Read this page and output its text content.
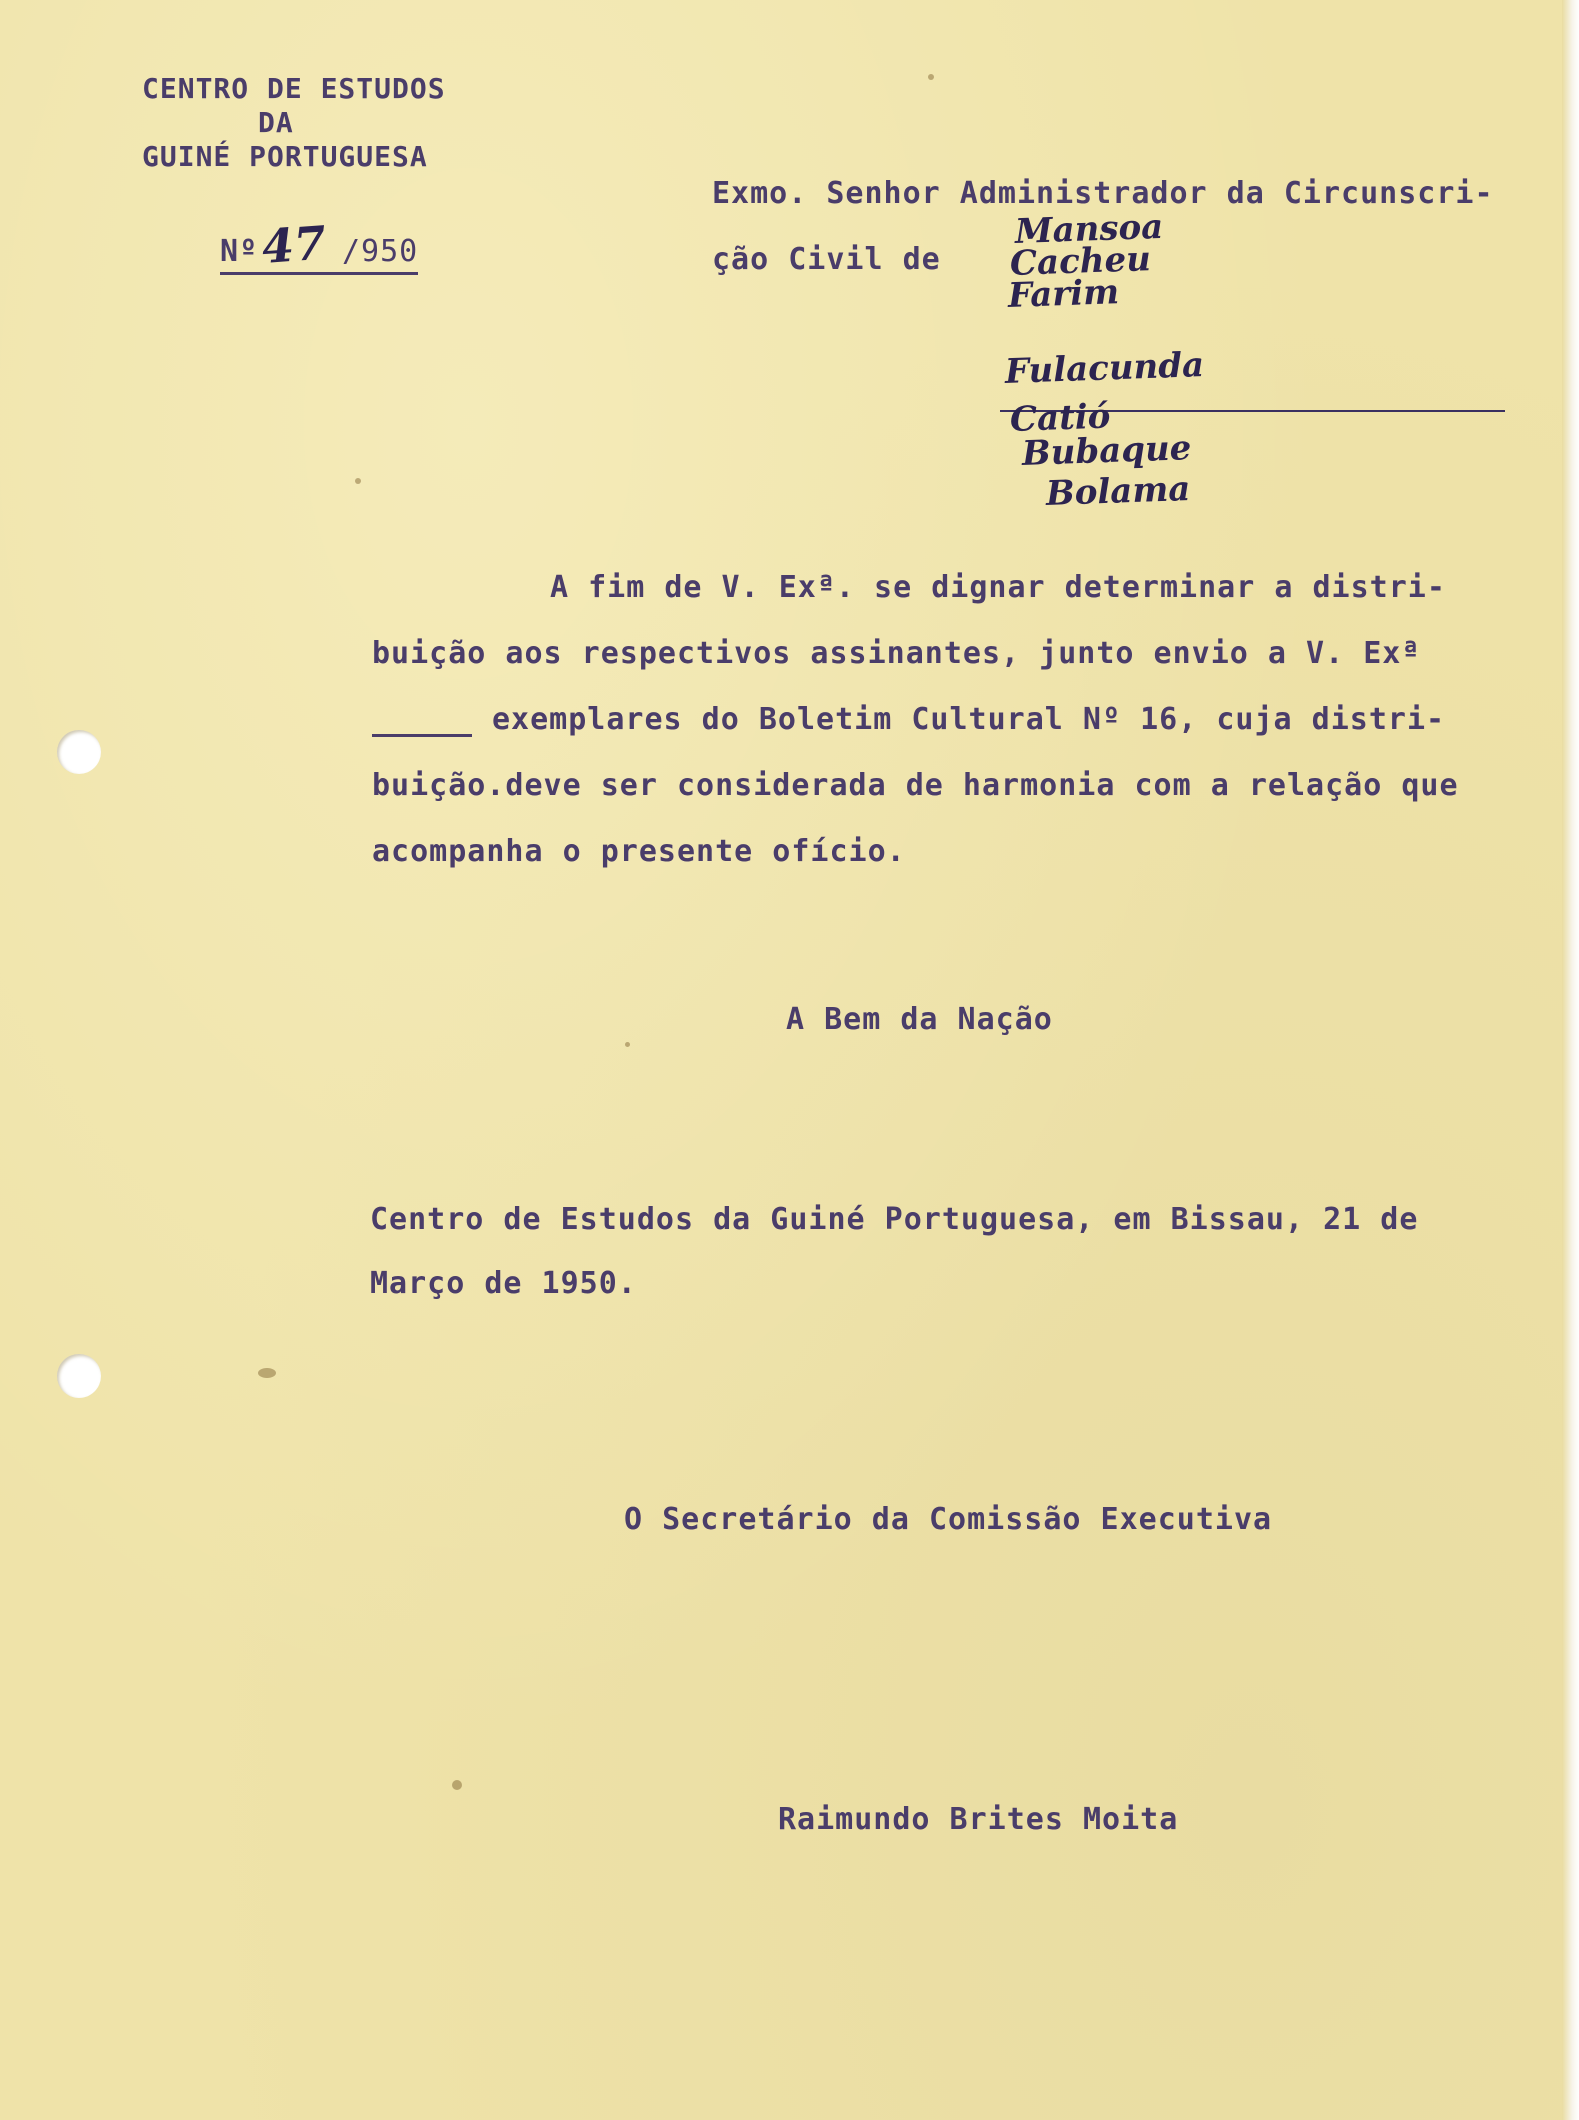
CENTRO DE ESTUDOS
DA
GUINÉ PORTUGUESA
Nº 47 /950
Exmo. Senhor Administrador da Circunscri-
ção Civil de
Mansoa
Cacheu
Farim
Fulacunda
Catió
Bubaque
Bolama
A fim de V. Exª. se dignar determinar a distri-
buição aos respectivos assinantes, junto envio a V. Exª
exemplares do Boletim Cultural Nº 16, cuja distri-
buição.deve ser considerada de harmonia com a relação que
acompanha o presente ofício.
A Bem da Nação
Centro de Estudos da Guiné Portuguesa, em Bissau, 21 de
Março de 1950.
O Secretário da Comissão Executiva
Raimundo Brites Moita
